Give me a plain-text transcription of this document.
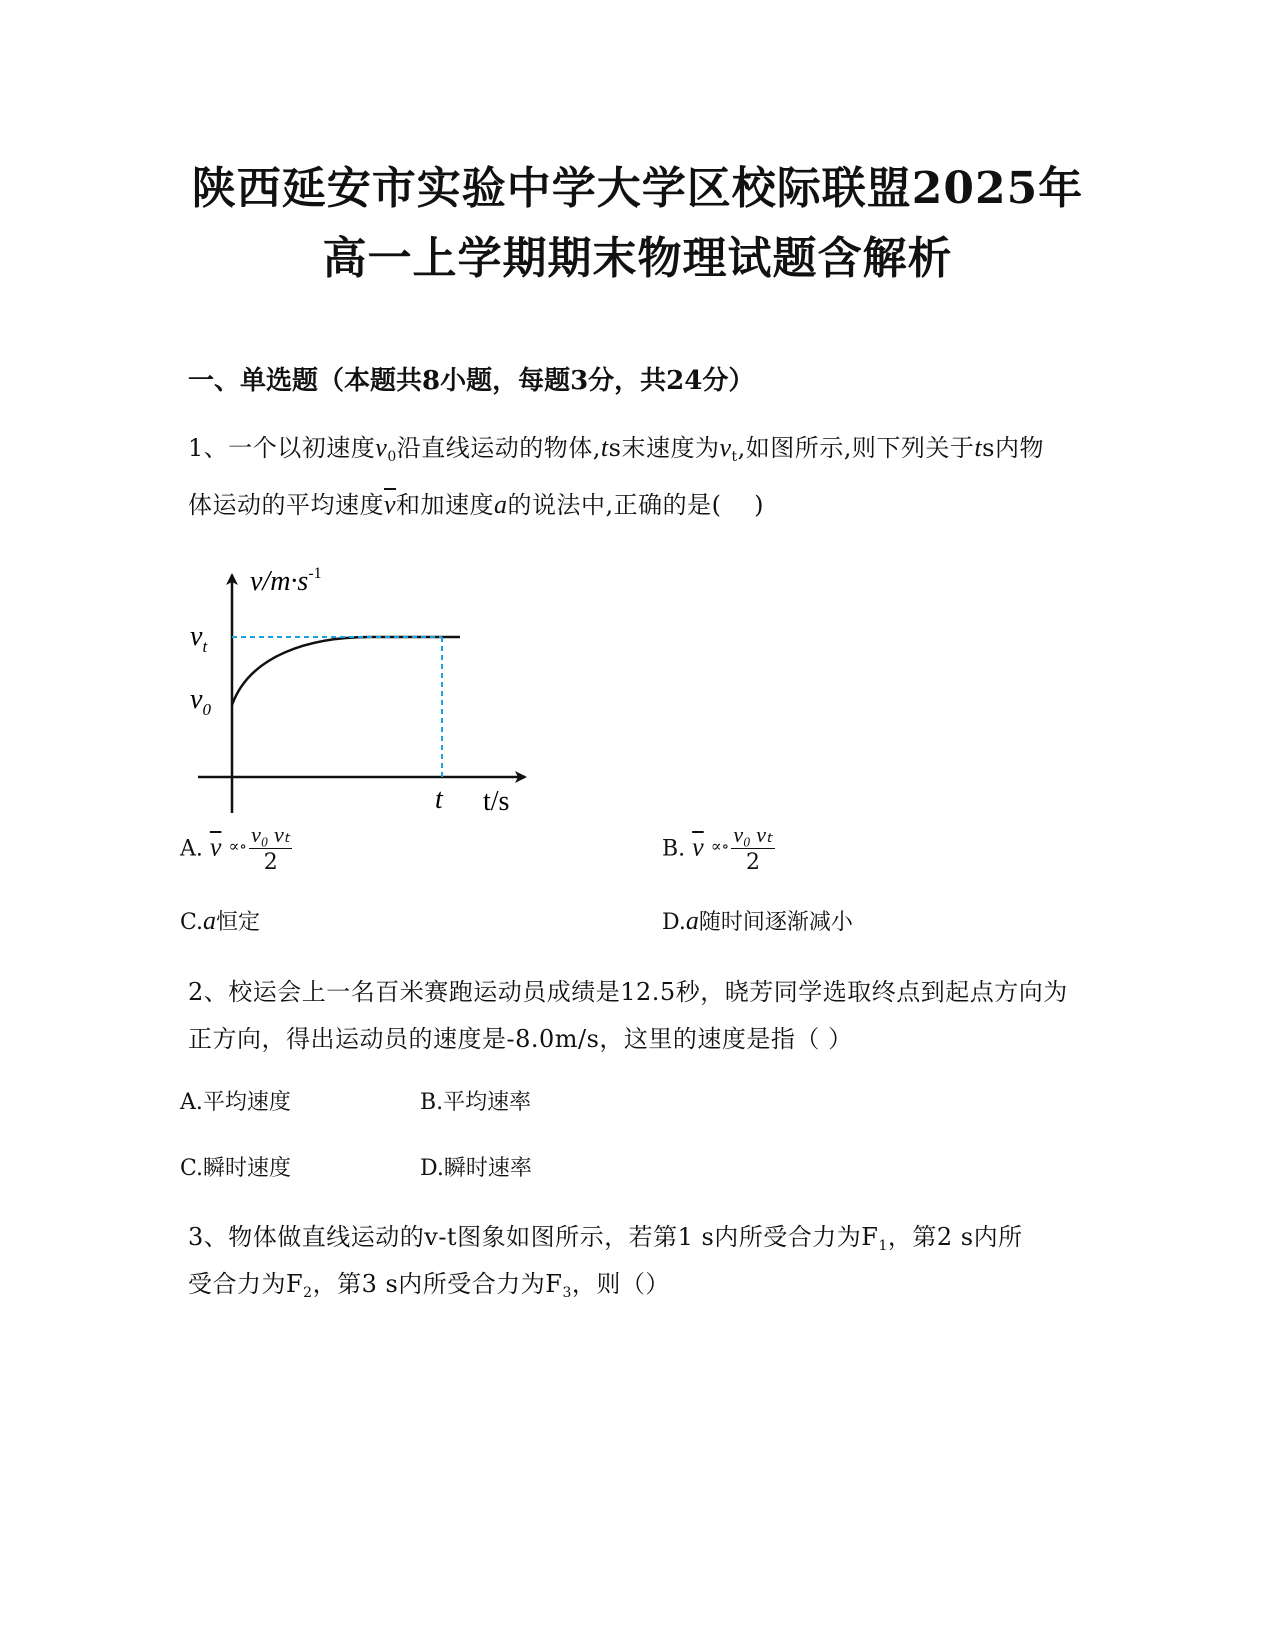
陕西延安市实验中学大学区校际联盟2025年
高一上学期期末物理试题含解析
一、单选题（本题共8小题，每题3分，共24分）
1、一个以初速度$v_0$沿直线运动的物体,ts末速度为$v_t$,如图所示,则下列关于ts内物
体运动的平均速度$\overline{v}$和加速度a的说法中,正确的是(　 )
$v/m\cdot s^{-1}$
$v_t$
$v_0$
t t/s
A. $\overline{v}$ ∝∘ $\frac{\text{v₀ vₜ}}{2}$	B. $\overline{v}$ ∝∘ $\frac{\text{v₀ vₜ}}{2}$
C.a恒定	D.a随时间逐渐减小
2、校运会上一名百米赛跑运动员成绩是12.5秒，晓芳同学选取终点到起点方向为
正方向，得出运动员的速度是-8.0m/s，这里的速度是指（ ）
A.平均速度	B.平均速率
C.瞬时速度	D.瞬时速率
3、物体做直线运动的v-t图象如图所示，若第1 s内所受合力为$F_1$，第2 s内所
受合力为$F_2$，第3 s内所受合力为$F_3$，则（）
